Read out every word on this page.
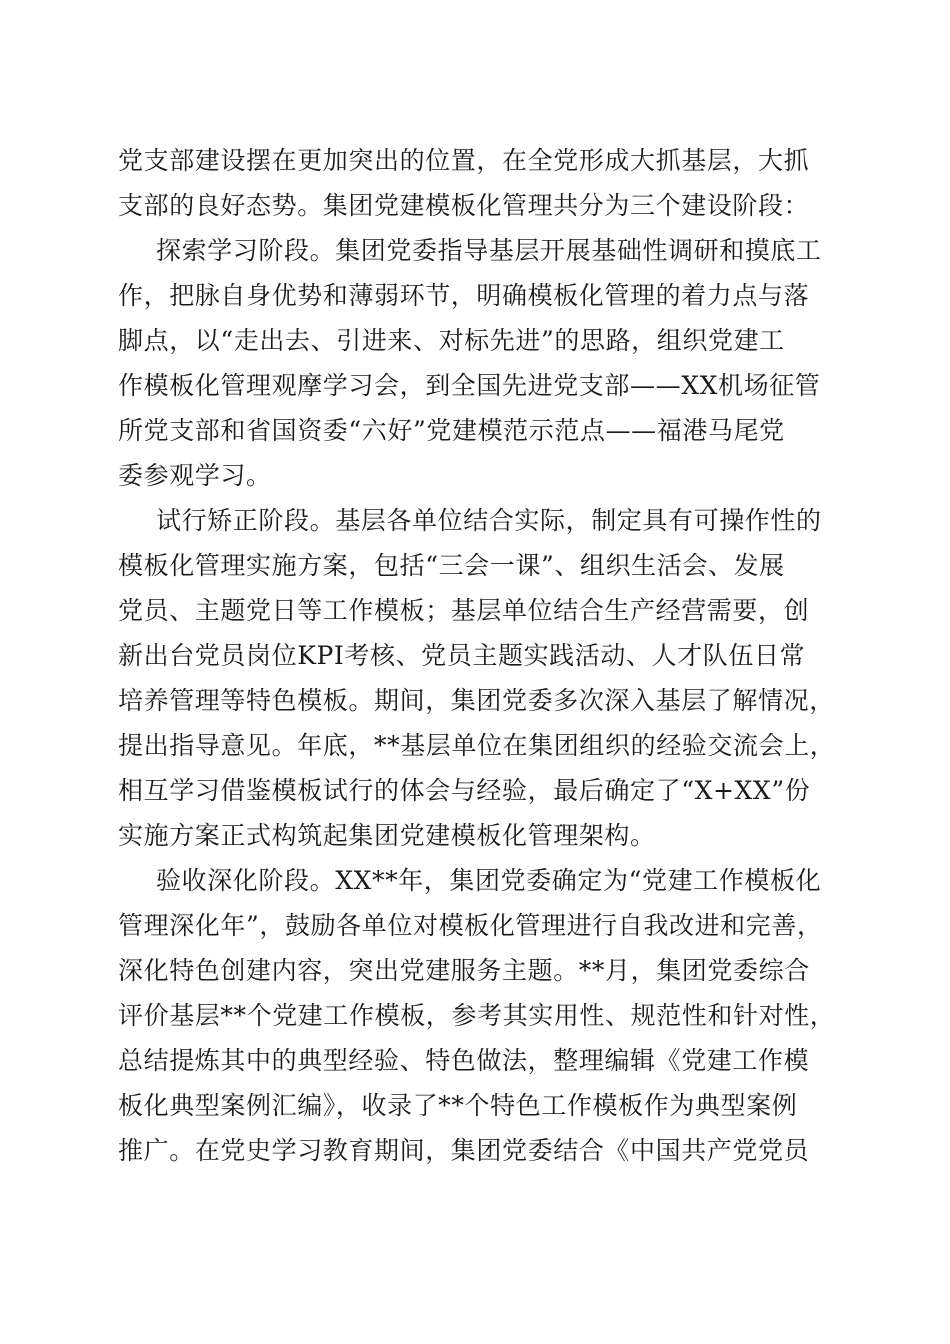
党支部建设摆在更加突出的位置，在全党形成大抓基层，大抓
支部的良好态势。集团党建模板化管理共分为三个建设阶段：
探索学习阶段。集团党委指导基层开展基础性调研和摸底工
作，把脉自身优势和薄弱环节，明确模板化管理的着力点与落
脚点，以“走出去、引进来、对标先进”的思路，组织党建工
作模板化管理观摩学习会，到全国先进党支部——XX机场征管
所党支部和省国资委“六好”党建模范示范点——福港马尾党
委参观学习。
试行矫正阶段。基层各单位结合实际，制定具有可操作性的
模板化管理实施方案，包括“三会一课”、组织生活会、发展
党员、主题党日等工作模板；基层单位结合生产经营需要，创
新出台党员岗位KPI考核、党员主题实践活动、人才队伍日常
培养管理等特色模板。期间，集团党委多次深入基层了解情况，
提出指导意见。年底，**基层单位在集团组织的经验交流会上，
相互学习借鉴模板试行的体会与经验，最后确定了“X+XX”份
实施方案正式构筑起集团党建模板化管理架构。
验收深化阶段。XX**年，集团党委确定为“党建工作模板化
管理深化年”，鼓励各单位对模板化管理进行自我改进和完善，
深化特色创建内容，突出党建服务主题。**月，集团党委综合
评价基层**个党建工作模板，参考其实用性、规范性和针对性，
总结提炼其中的典型经验、特色做法，整理编辑《党建工作模
板化典型案例汇编》，收录了**个特色工作模板作为典型案例
推广。在党史学习教育期间，集团党委结合《中国共产党党员
